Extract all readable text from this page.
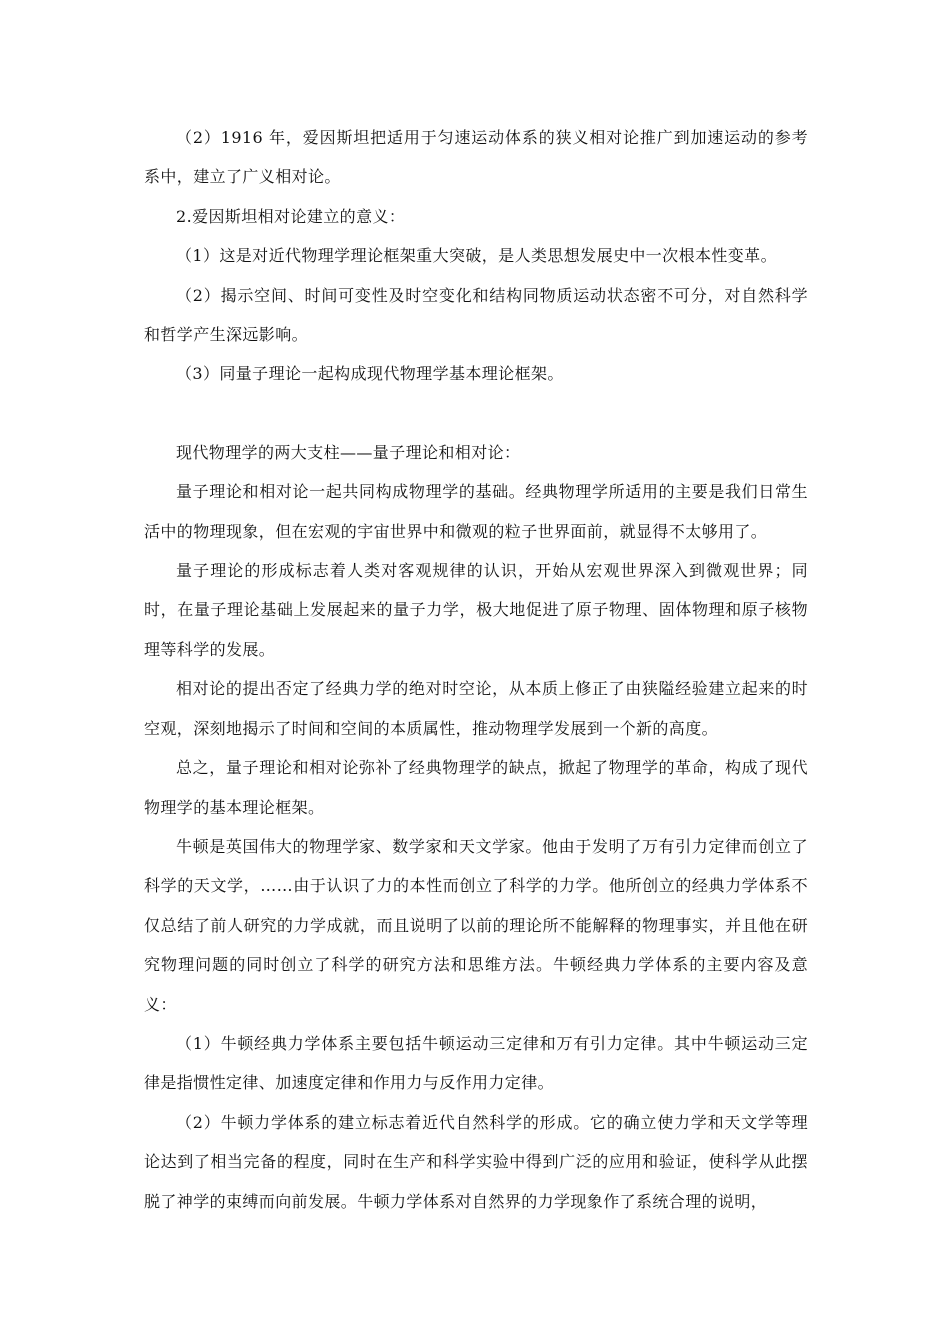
（2）1916 年，爱因斯坦把适用于匀速运动体系的狭义相对论推广到加速运动的参考系中，建立了广义相对论。

2.爱因斯坦相对论建立的意义：

（1）这是对近代物理学理论框架重大突破，是人类思想发展史中一次根本性变革。

（2）揭示空间、时间可变性及时空变化和结构同物质运动状态密不可分，对自然科学和哲学产生深远影响。

（3）同量子理论一起构成现代物理学基本理论框架。

现代物理学的两大支柱——量子理论和相对论：

量子理论和相对论一起共同构成物理学的基础。经典物理学所适用的主要是我们日常生活中的物理现象，但在宏观的宇宙世界中和微观的粒子世界面前，就显得不太够用了。

量子理论的形成标志着人类对客观规律的认识，开始从宏观世界深入到微观世界；同时，在量子理论基础上发展起来的量子力学，极大地促进了原子物理、固体物理和原子核物理等科学的发展。

相对论的提出否定了经典力学的绝对时空论，从本质上修正了由狭隘经验建立起来的时空观，深刻地揭示了时间和空间的本质属性，推动物理学发展到一个新的高度。

总之，量子理论和相对论弥补了经典物理学的缺点，掀起了物理学的革命，构成了现代物理学的基本理论框架。

牛顿是英国伟大的物理学家、数学家和天文学家。他由于发明了万有引力定律而创立了科学的天文学，……由于认识了力的本性而创立了科学的力学。他所创立的经典力学体系不仅总结了前人研究的力学成就，而且说明了以前的理论所不能解释的物理事实，并且他在研究物理问题的同时创立了科学的研究方法和思维方法。牛顿经典力学体系的主要内容及意义：

（1）牛顿经典力学体系主要包括牛顿运动三定律和万有引力定律。其中牛顿运动三定律是指惯性定律、加速度定律和作用力与反作用力定律。

（2）牛顿力学体系的建立标志着近代自然科学的形成。它的确立使力学和天文学等理论达到了相当完备的程度，同时在生产和科学实验中得到广泛的应用和验证，使科学从此摆脱了神学的束缚而向前发展。牛顿力学体系对自然界的力学现象作了系统合理的说明，
